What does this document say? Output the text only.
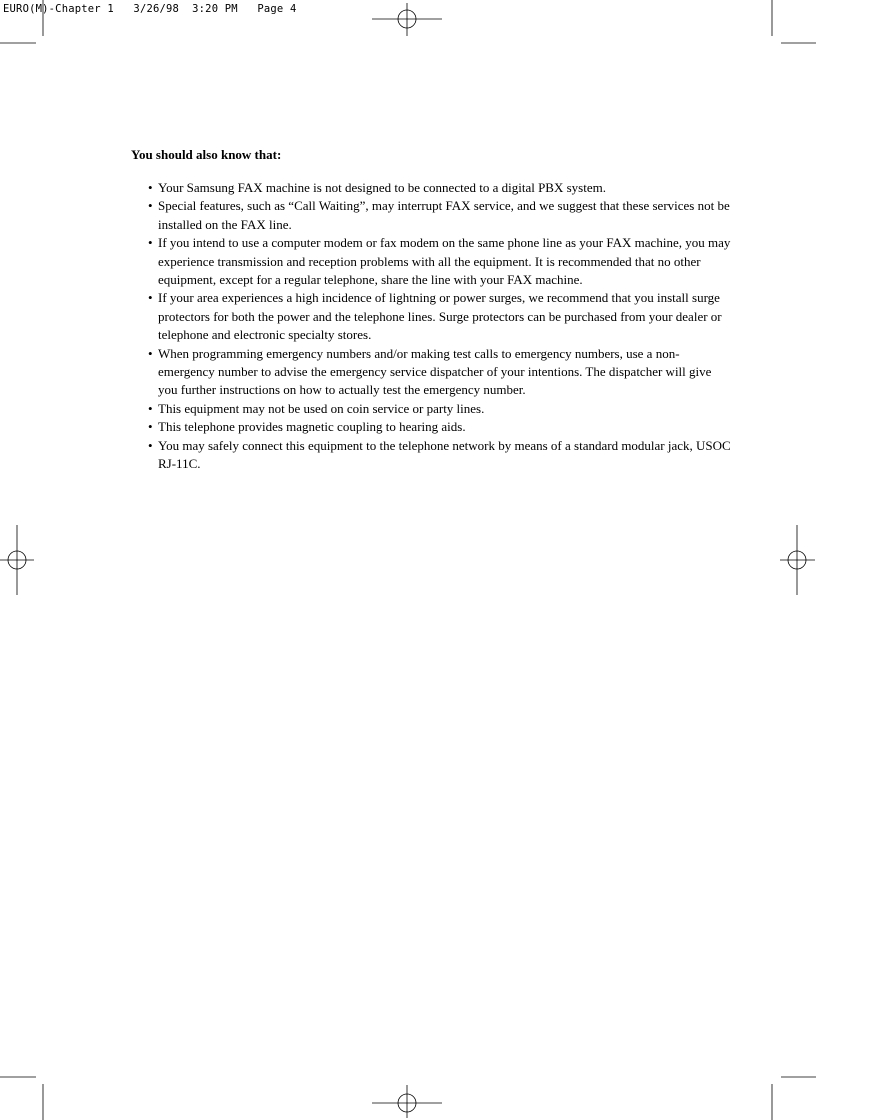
EURO(M)-Chapter 1   3/26/98  3:20 PM   Page 4
You should also know that:
• Your Samsung FAX machine is not designed to be connected to a digital PBX system.
• Special features, such as “Call Waiting”, may interrupt FAX service, and we suggest that these services not be installed on the FAX line.
• If you intend to use a computer modem or fax modem on the same phone line as your FAX machine, you may experience transmission and reception problems with all the equipment. It is recommended that no other equipment, except for a regular telephone, share the line with your FAX machine.
• If your area experiences a high incidence of lightning or power surges, we recommend that you install surge protectors for both the power and the telephone lines. Surge protectors can be purchased from your dealer or telephone and electronic specialty stores.
• When programming emergency numbers and/or making test calls to emergency numbers, use a non-emergency number to advise the emergency service dispatcher of your intentions. The dispatcher will give you further instructions on how to actually test the emergency number.
• This equipment may not be used on coin service or party lines.
• This telephone provides magnetic coupling to hearing aids.
• You may safely connect this equipment to the telephone network by means of a standard modular jack, USOC RJ-11C.
